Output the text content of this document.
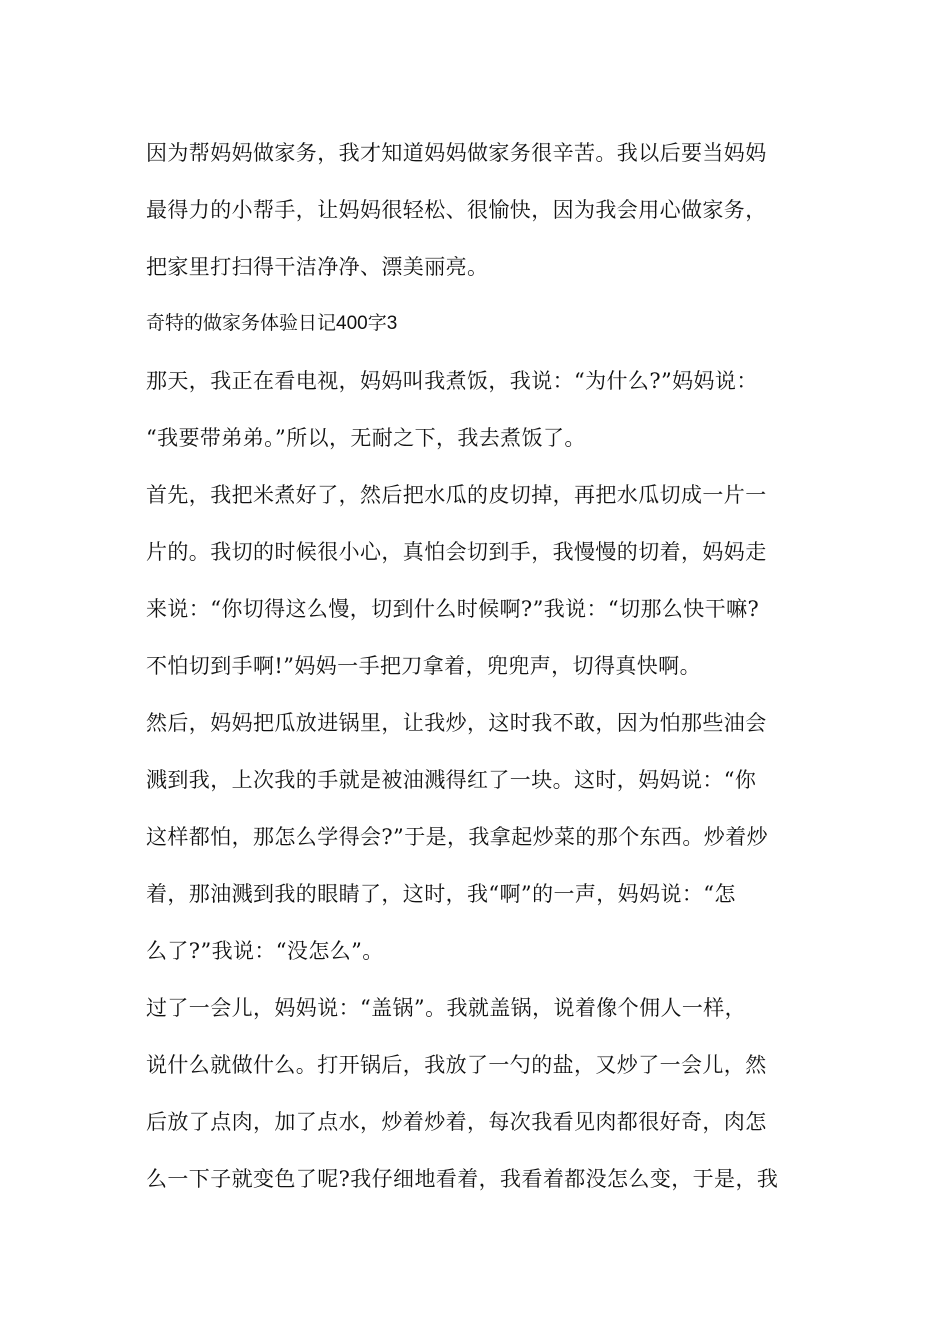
因为帮妈妈做家务，我才知道妈妈做家务很辛苦。我以后要当妈妈
最得力的小帮手，让妈妈很轻松、很愉快，因为我会用心做家务，
把家里打扫得干洁净净、漂美丽亮。
奇特的做家务体验日记400字3
那天，我正在看电视，妈妈叫我煮饭，我说：“为什么?”妈妈说：
“我要带弟弟。”所以，无耐之下，我去煮饭了。
首先，我把米煮好了，然后把水瓜的皮切掉，再把水瓜切成一片一
片的。我切的时候很小心，真怕会切到手，我慢慢的切着，妈妈走
来说：“你切得这么慢，切到什么时候啊?”我说：“切那么快干嘛?
不怕切到手啊!”妈妈一手把刀拿着，兜兜声，切得真快啊。
然后，妈妈把瓜放进锅里，让我炒，这时我不敢，因为怕那些油会
溅到我，上次我的手就是被油溅得红了一块。这时，妈妈说：“你
这样都怕，那怎么学得会?”于是，我拿起炒菜的那个东西。炒着炒
着，那油溅到我的眼睛了，这时，我“啊”的一声，妈妈说：“怎
么了?”我说：“没怎么”。
过了一会儿，妈妈说：“盖锅”。我就盖锅，说着像个佣人一样，
说什么就做什么。打开锅后，我放了一勺的盐，又炒了一会儿，然
后放了点肉，加了点水，炒着炒着，每次我看见肉都很好奇，肉怎
么一下子就变色了呢?我仔细地看着，我看着都没怎么变，于是，我
